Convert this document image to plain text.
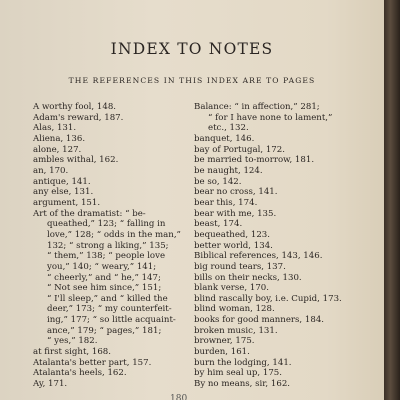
INDEX TO NOTES
THE REFERENCES IN THIS INDEX ARE TO PAGES
A worthy fool, 148.
Adam's reward, 187.
Alas, 131.
Aliena, 136.
alone, 127.
ambles withal, 162.
an, 170.
antique, 141.
any else, 131.
argument, 151.
Art of the dramatist: “ be-
queathed,” 123; “ falling in
love,” 128; “ odds in the man,”
132; “ strong a liking,” 135;
“ them,” 138; “ people love
you,” 140; “ weary,” 141;
“ cheerly,” and “ he,” 147;
“ Not see him since,” 151;
“ I'll sleep,” and “ killed the
deer,” 173; “ my counterfeit-
ing,” 177; “ so little acquaint-
ance,” 179; “ pages,” 181;
“ yes,” 182.
at first sight, 168.
Atalanta's better part, 157.
Atalanta's heels, 162.
Ay, 171.
Balance: “ in affection,” 281;
“ for I have none to lament,”
etc., 132.
banquet, 146.
bay of Portugal, 172.
be married to-morrow, 181.
be naught, 124.
be so, 142.
bear no cross, 141.
bear this, 174.
bear with me, 135.
beast, 174.
bequeathed, 123.
better world, 134.
Biblical references, 143, 146.
big round tears, 137.
bills on their necks, 130.
blank verse, 170.
blind rascally boy, i.e. Cupid, 173.
blind woman, 128.
books for good manners, 184.
broken music, 131.
browner, 175.
burden, 161.
burn the lodging, 141.
by him seal up, 175.
By no means, sir, 162.
180
